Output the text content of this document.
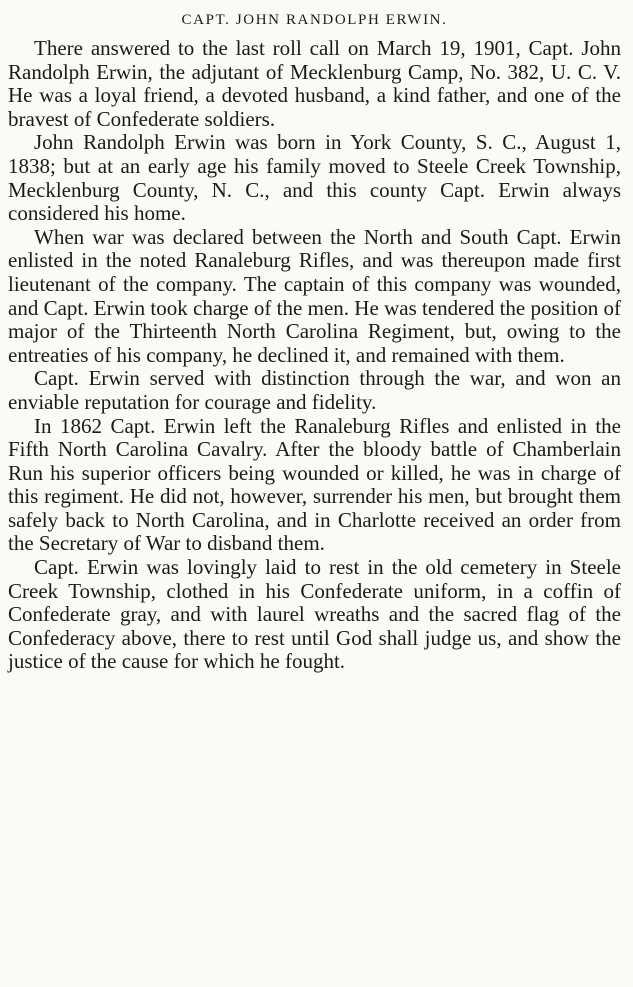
CAPT. JOHN RANDOLPH ERWIN.

There answered to the last roll call on March 19, 1901, Capt. John Randolph Erwin, the adjutant of Mecklenburg Camp, No. 382, U. C. V. He was a loyal friend, a devoted husband, a kind father, and one of the bravest of Confederate soldiers.

John Randolph Erwin was born in York County, S. C., August 1, 1838; but at an early age his family moved to Steele Creek Township, Mecklenburg County, N. C., and this county Capt. Erwin always considered his home.

When war was declared between the North and South Capt. Erwin enlisted in the noted Ranaleburg Rifles, and was thereupon made first lieutenant of the company. The captain of this company was wounded, and Capt. Erwin took charge of the men. He was tendered the position of major of the Thirteenth North Carolina Regiment, but, owing to the entreaties of his company, he declined it, and remained with them.

Capt. Erwin served with distinction through the war, and won an enviable reputation for courage and fidelity.

In 1862 Capt. Erwin left the Ranaleburg Rifles and enlisted in the Fifth North Carolina Cavalry. After the bloody battle of Chamberlain Run his superior officers being wounded or killed, he was in charge of this regiment. He did not, however, surrender his men, but brought them safely back to North Carolina, and in Charlotte received an order from the Secretary of War to disband them.

Capt. Erwin was lovingly laid to rest in the old cemetery in Steele Creek Township, clothed in his Confederate uniform, in a coffin of Confederate gray, and with laurel wreaths and the sacred flag of the Confederacy above, there to rest until God shall judge us, and show the justice of the cause for which he fought.
